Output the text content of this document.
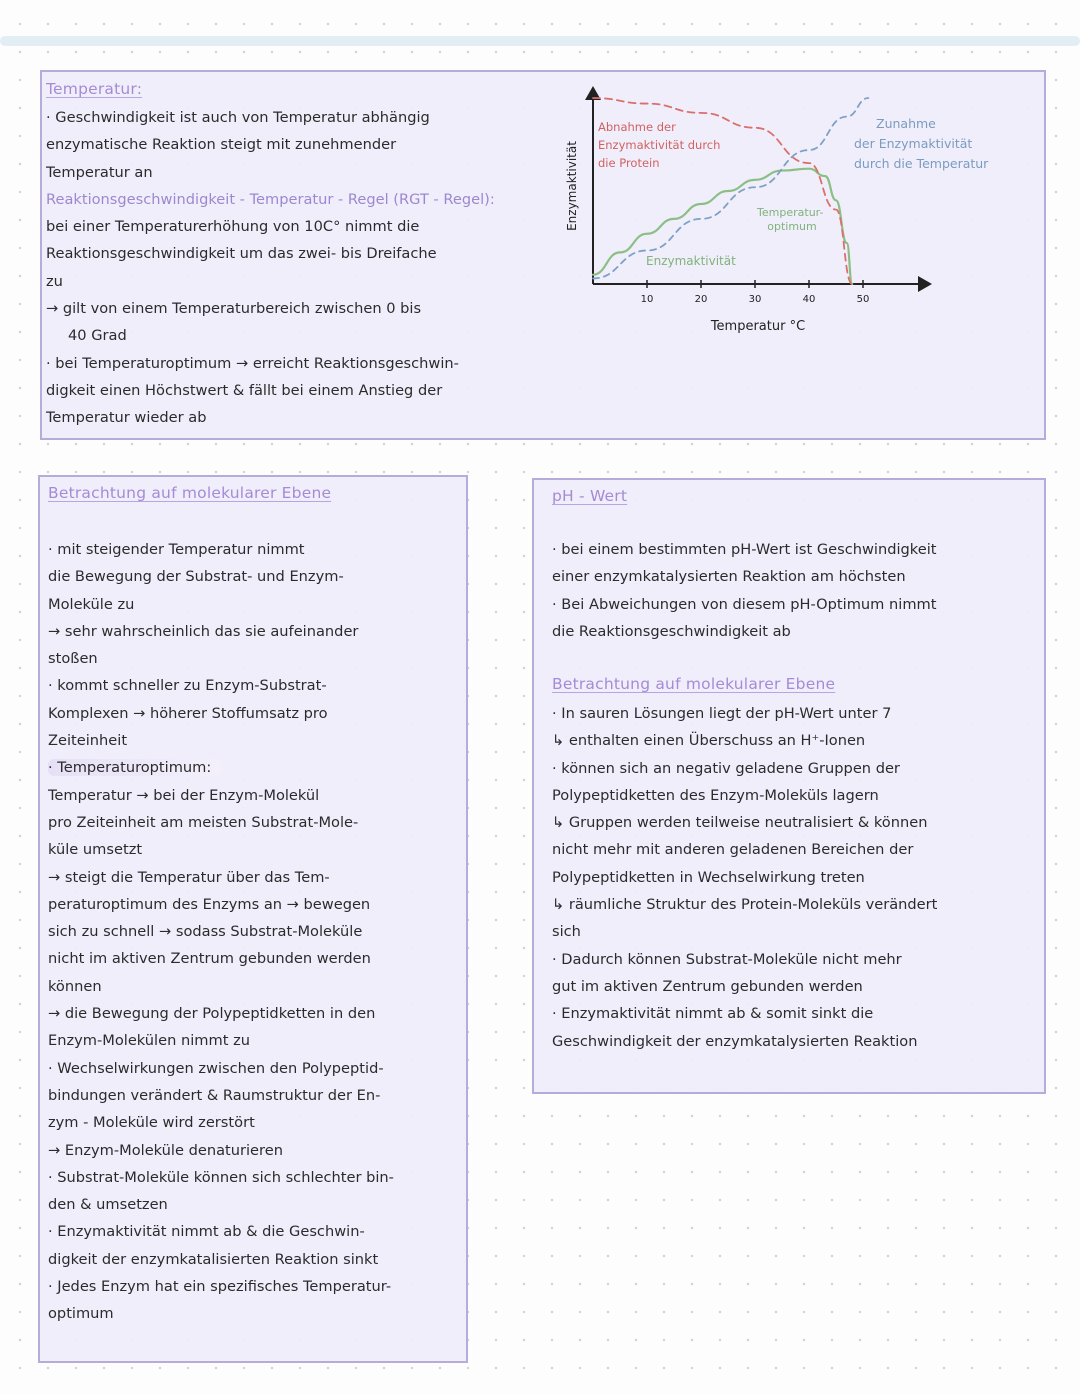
Temperatur:
· Geschwindigkeit ist auch von Temperatur abhängig
enzymatische Reaktion steigt mit zunehmender
Temperatur an
Reaktionsgeschwindigkeit - Temperatur - Regel (RGT - Regel):
bei einer Temperaturerhöhung von 10C° nimmt die
Reaktionsgeschwindigkeit um das zwei- bis Dreifache
zu
→ gilt von einem Temperaturbereich zwischen 0 bis
40 Grad
· bei Temperaturoptimum → erreicht Reaktionsgeschwin-
digkeit einen Höchstwert & fällt bei einem Anstieg der
Temperatur wieder ab
Enzymaktivität
Temperatur °C
10	20	30	40	50
Abnahme der Enzymaktivität durch die Protein
Zunahme der Enzymaktivität durch die Temperatur
Temperatur- optimum
Enzymaktivität
Betrachtung auf molekularer Ebene
· mit steigender Temperatur nimmt
die Bewegung der Substrat- und Enzym-
Moleküle zu
→ sehr wahrscheinlich das sie aufeinander
stoßen
· kommt schneller zu Enzym-Substrat-
Komplexen → höherer Stoffumsatz pro
Zeiteinheit
· Temperaturoptimum:
Temperatur → bei der Enzym-Molekül
pro Zeiteinheit am meisten Substrat-Mole-
küle umsetzt
→ steigt die Temperatur über das Tem-
peraturoptimum des Enzyms an → bewegen
sich zu schnell → sodass Substrat-Moleküle
nicht im aktiven Zentrum gebunden werden
können
→ die Bewegung der Polypeptidketten in den
Enzym-Molekülen nimmt zu
· Wechselwirkungen zwischen den Polypeptid-
bindungen verändert & Raumstruktur der En-
zym - Moleküle wird zerstört
→ Enzym-Moleküle denaturieren
· Substrat-Moleküle können sich schlechter bin-
den & umsetzen
· Enzymaktivität nimmt ab & die Geschwin-
digkeit der enzymkatalisierten Reaktion sinkt
· Jedes Enzym hat ein spezifisches Temperatur-
optimum
pH - Wert
· bei einem bestimmten pH-Wert ist Geschwindigkeit
einer enzymkatalysierten Reaktion am höchsten
· Bei Abweichungen von diesem pH-Optimum nimmt
die Reaktionsgeschwindigkeit ab
Betrachtung auf molekularer Ebene
· In sauren Lösungen liegt der pH-Wert unter 7
↳ enthalten einen Überschuss an H⁺-Ionen
· können sich an negativ geladene Gruppen der
Polypeptidketten des Enzym-Moleküls lagern
↳ Gruppen werden teilweise neutralisiert & können
nicht mehr mit anderen geladenen Bereichen der
Polypeptidketten in Wechselwirkung treten
↳ räumliche Struktur des Protein-Moleküls verändert
sich
· Dadurch können Substrat-Moleküle nicht mehr
gut im aktiven Zentrum gebunden werden
· Enzymaktivität nimmt ab & somit sinkt die
Geschwindigkeit der enzymkatalysierten Reaktion
